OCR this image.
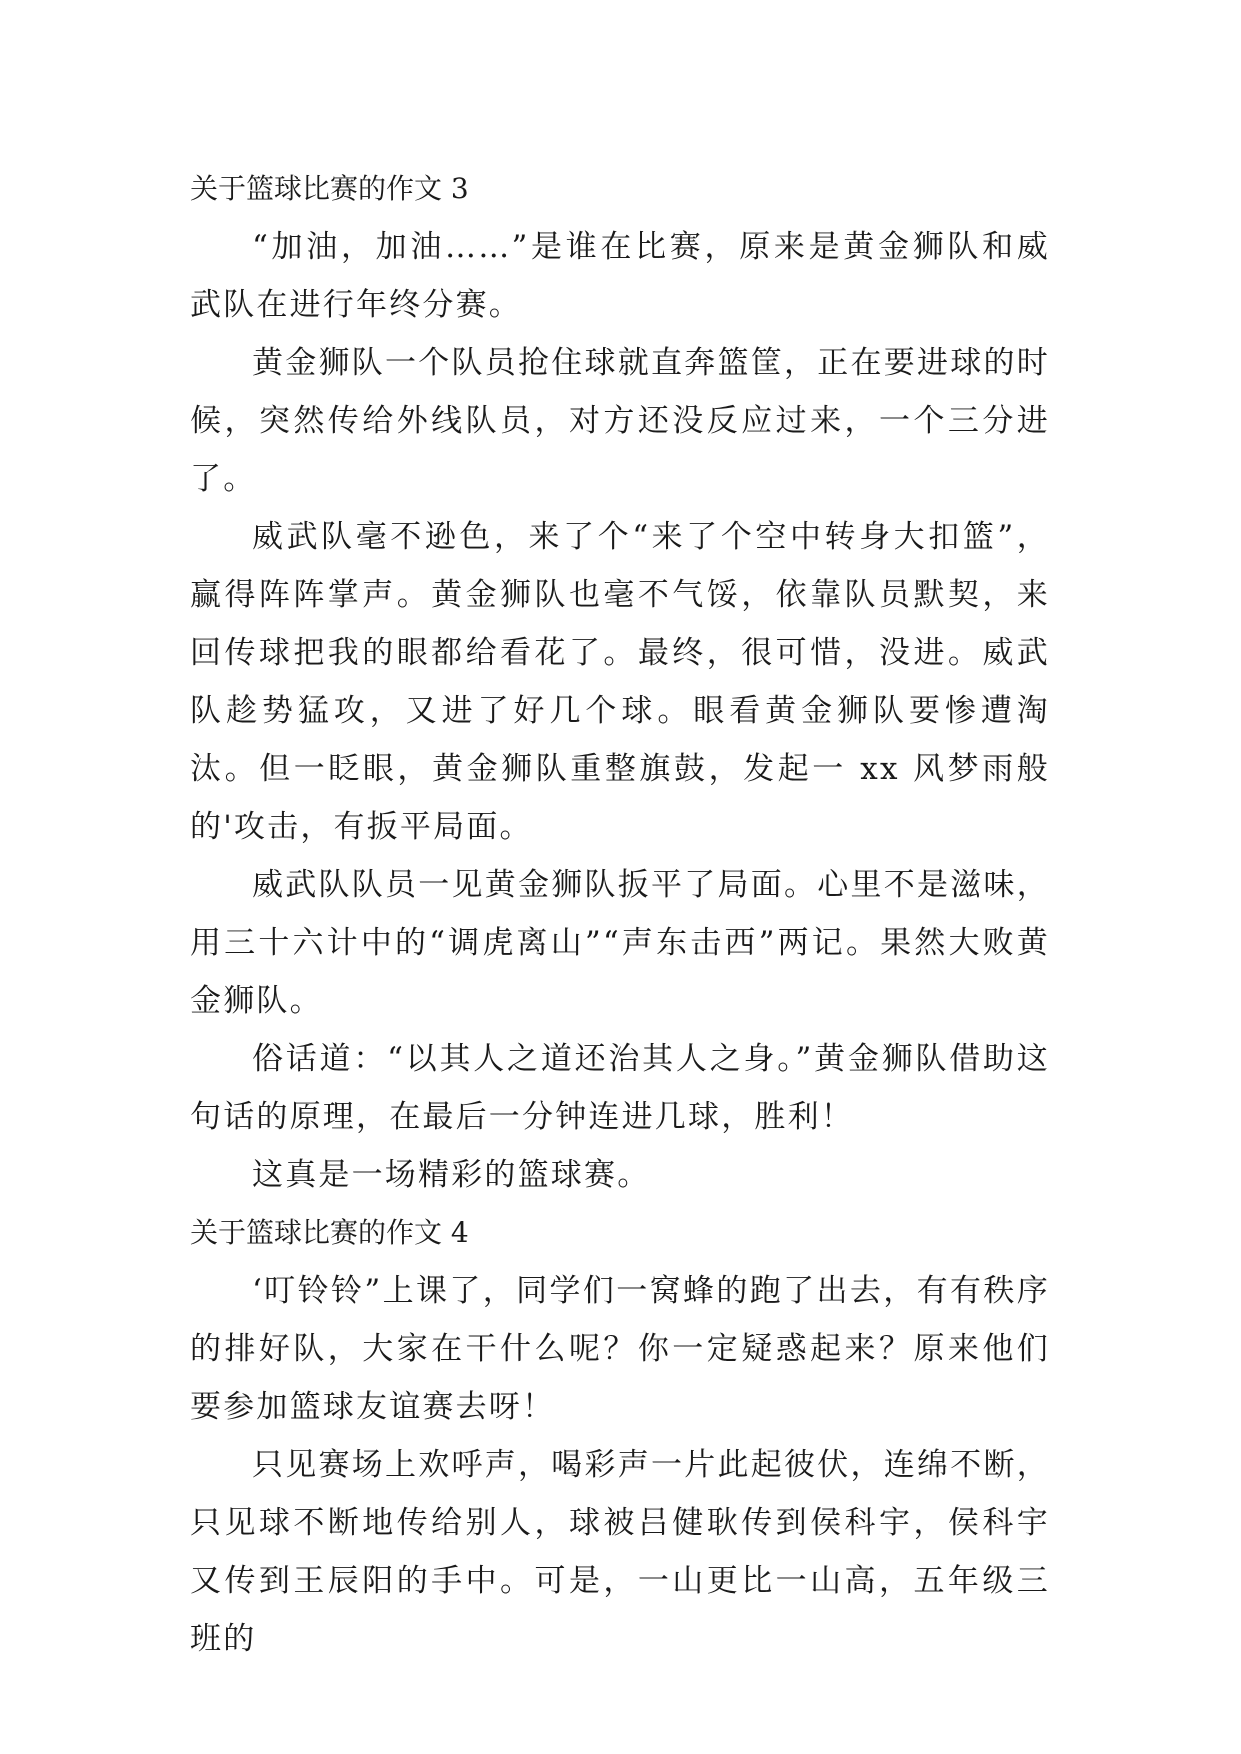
关于篮球比赛的作文 3

“加油，加油……”是谁在比赛，原来是黄金狮队和威武队在进行年终分赛。

黄金狮队一个队员抢住球就直奔篮筐，正在要进球的时候，突然传给外线队员，对方还没反应过来，一个三分进了。

威武队毫不逊色，来了个“来了个空中转身大扣篮”，赢得阵阵掌声。黄金狮队也毫不气馁，依靠队员默契，来回传球把我的眼都给看花了。最终，很可惜，没进。威武队趁势猛攻，又进了好几个球。眼看黄金狮队要惨遭淘汰。但一眨眼，黄金狮队重整旗鼓，发起一 xx 风梦雨般的'攻击，有扳平局面。

威武队队员一见黄金狮队扳平了局面。心里不是滋味，用三十六计中的“调虎离山”“声东击西”两记。果然大败黄金狮队。

俗话道：“以其人之道还治其人之身。”黄金狮队借助这句话的原理，在最后一分钟连进几球，胜利！

这真是一场精彩的篮球赛。

关于篮球比赛的作文 4

‘叮铃铃”上课了，同学们一窝蜂的跑了出去，有有秩序的排好队，大家在干什么呢？你一定疑惑起来？原来他们要参加篮球友谊赛去呀！

只见赛场上欢呼声，喝彩声一片此起彼伏，连绵不断，只见球不断地传给别人，球被吕健耿传到侯科宇，侯科宇又传到王辰阳的手中。可是，一山更比一山高，五年级三班的
